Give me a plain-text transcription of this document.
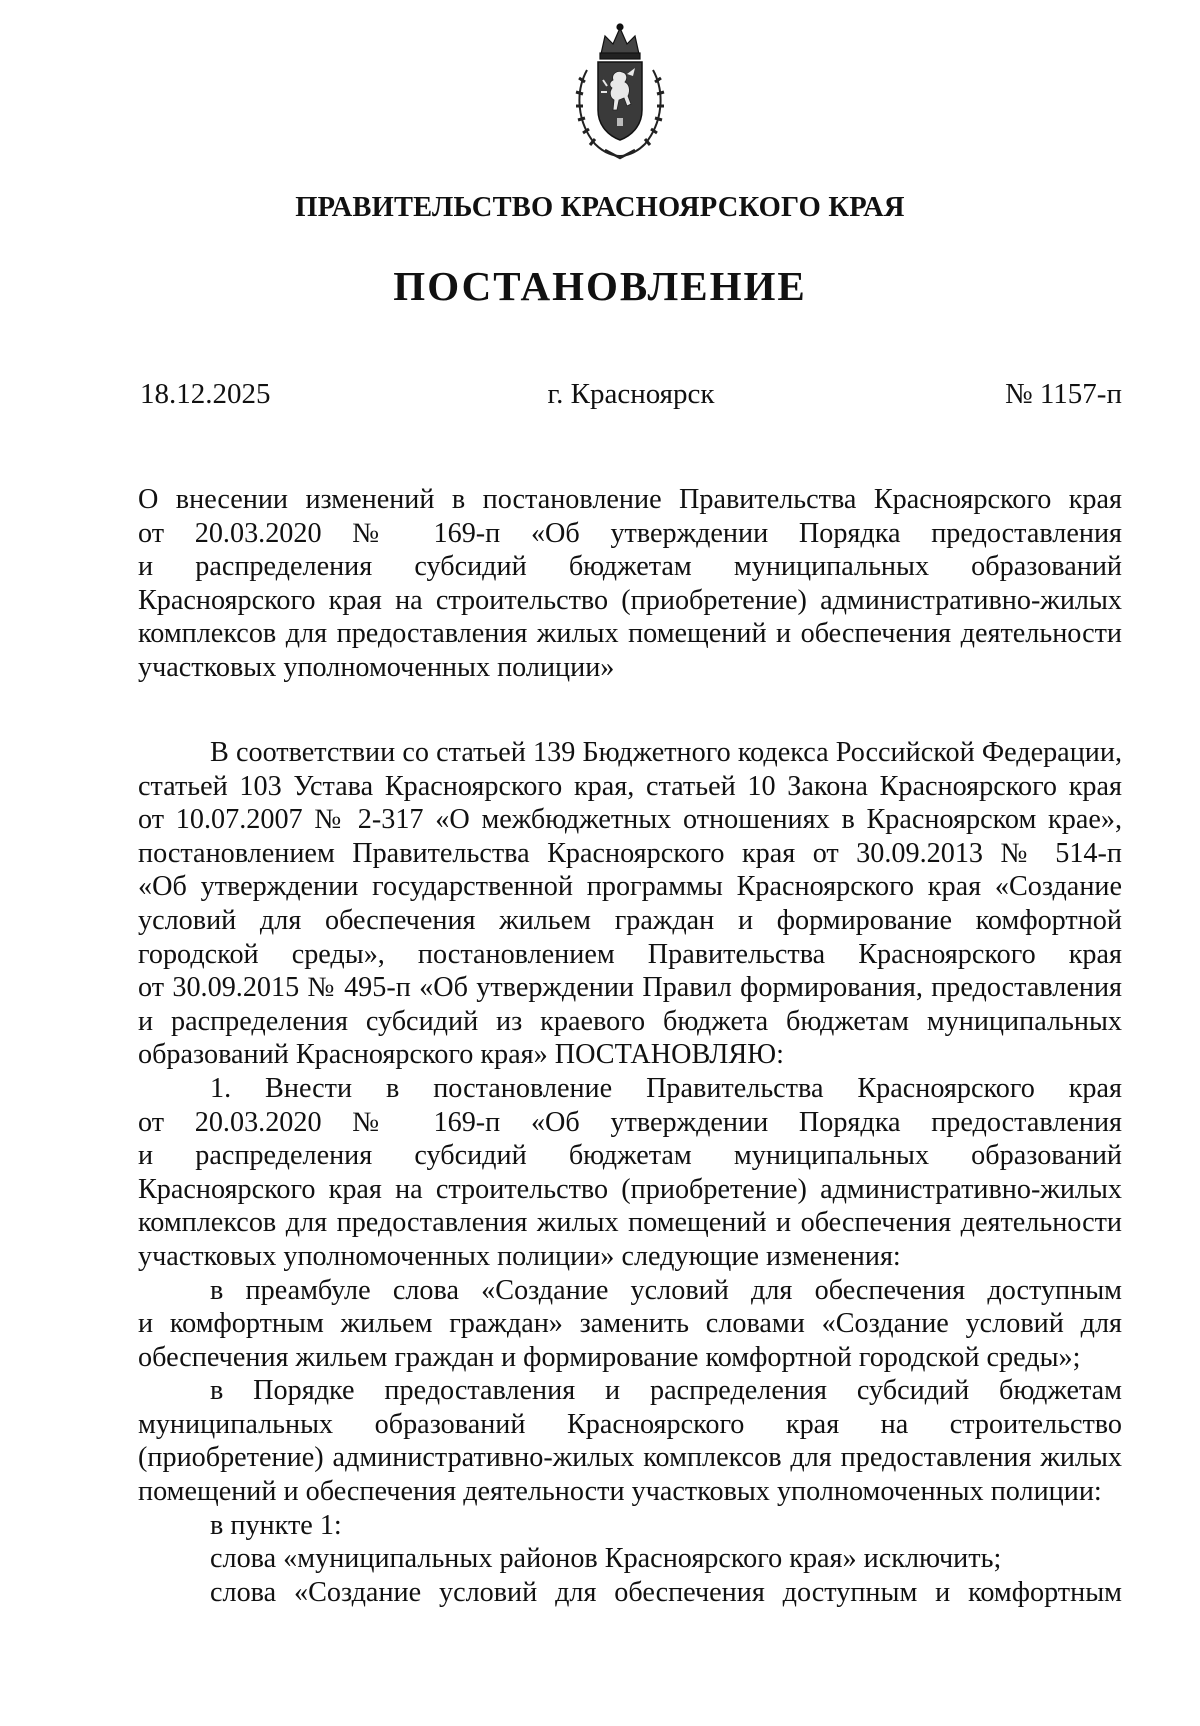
ПРАВИТЕЛЬСТВО КРАСНОЯРСКОГО КРАЯ
ПОСТАНОВЛЕНИЕ
18.12.2025	г. Красноярск	№ 1157-п
О внесении изменений в постановление Правительства Красноярского края
от 20.03.2020 № 169-п «Об утверждении Порядка предоставления
и распределения субсидий бюджетам муниципальных образований
Красноярского края на строительство (приобретение) административно-жилых
комплексов для предоставления жилых помещений и обеспечения деятельности
участковых уполномоченных полиции»
В соответствии со статьей 139 Бюджетного кодекса Российской Федерации,
статьей 103 Устава Красноярского края, статьей 10 Закона Красноярского края
от 10.07.2007 № 2-317 «О межбюджетных отношениях в Красноярском крае»,
постановлением Правительства Красноярского края от 30.09.2013 № 514-п
«Об утверждении государственной программы Красноярского края «Создание
условий для обеспечения жильем граждан и формирование комфортной
городской среды», постановлением Правительства Красноярского края
от 30.09.2015 № 495-п «Об утверждении Правил формирования, предоставления
и распределения субсидий из краевого бюджета бюджетам муниципальных
образований Красноярского края» ПОСТАНОВЛЯЮ:
1. Внести в постановление Правительства Красноярского края
от 20.03.2020 № 169-п «Об утверждении Порядка предоставления
и распределения субсидий бюджетам муниципальных образований
Красноярского края на строительство (приобретение) административно-жилых
комплексов для предоставления жилых помещений и обеспечения деятельности
участковых уполномоченных полиции» следующие изменения:
в преамбуле слова «Создание условий для обеспечения доступным
и комфортным жильем граждан» заменить словами «Создание условий для
обеспечения жильем граждан и формирование комфортной городской среды»;
в Порядке предоставления и распределения субсидий бюджетам
муниципальных образований Красноярского края на строительство
(приобретение) административно-жилых комплексов для предоставления жилых
помещений и обеспечения деятельности участковых уполномоченных полиции:
в пункте 1:
слова «муниципальных районов Красноярского края» исключить;
слова «Создание условий для обеспечения доступным и комфортным
